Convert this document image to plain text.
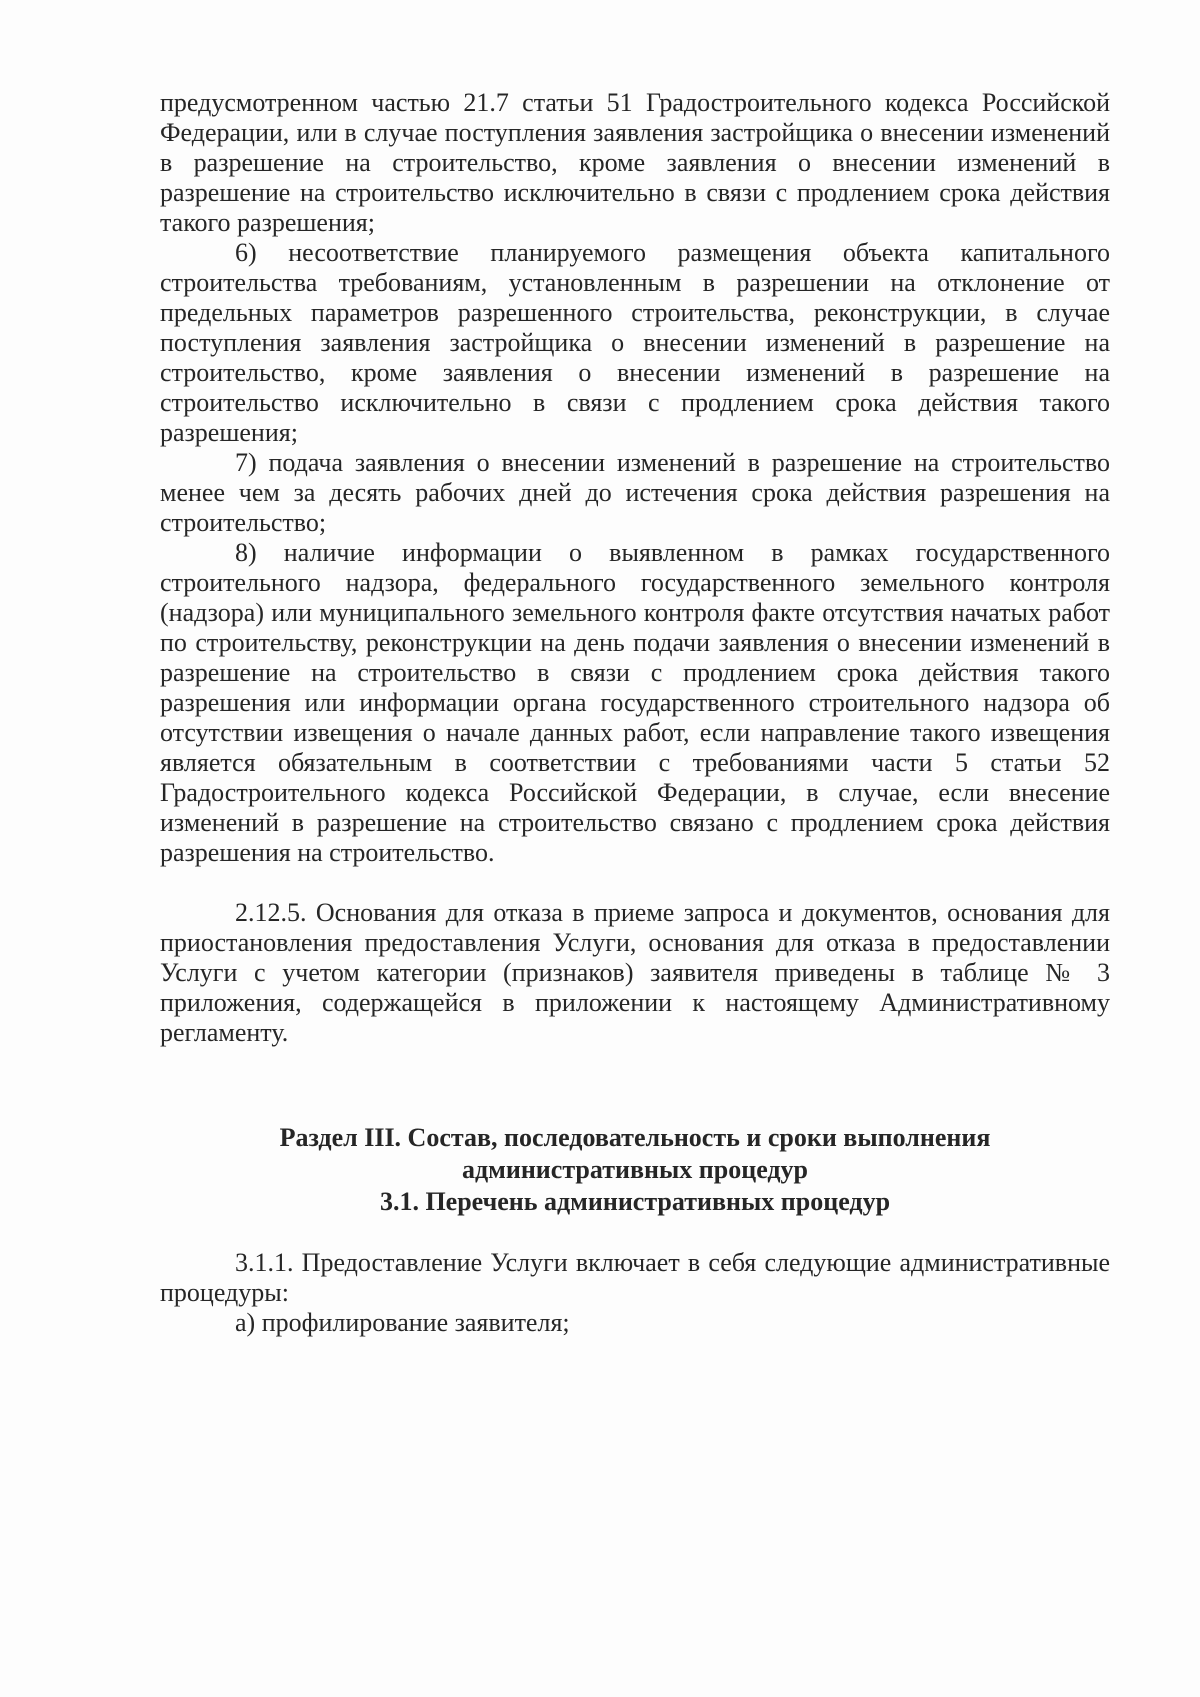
предусмотренном частью 21.7 статьи 51 Градостроительного кодекса Российской Федерации, или в случае поступления заявления застройщика о внесении изменений в разрешение на строительство, кроме заявления о внесении изменений в разрешение на строительство исключительно в связи с продлением срока действия такого разрешения;

6) несоответствие планируемого размещения объекта капитального строительства требованиям, установленным в разрешении на отклонение от предельных параметров разрешенного строительства, реконструкции, в случае поступления заявления застройщика о внесении изменений в разрешение на строительство, кроме заявления о внесении изменений в разрешение на строительство исключительно в связи с продлением срока действия такого разрешения;

7) подача заявления о внесении изменений в разрешение на строительство менее чем за десять рабочих дней до истечения срока действия разрешения на строительство;

8) наличие информации о выявленном в рамках государственного строительного надзора, федерального государственного земельного контроля (надзора) или муниципального земельного контроля факте отсутствия начатых работ по строительству, реконструкции на день подачи заявления о внесении изменений в разрешение на строительство в связи с продлением срока действия такого разрешения или информации органа государственного строительного надзора об отсутствии извещения о начале данных работ, если направление такого извещения является обязательным в соответствии с требованиями части 5 статьи 52 Градостроительного кодекса Российской Федерации, в случае, если внесение изменений в разрешение на строительство связано с продлением срока действия разрешения на строительство.

2.12.5. Основания для отказа в приеме запроса и документов, основания для приостановления предоставления Услуги, основания для отказа в предоставлении Услуги с учетом категории (признаков) заявителя приведены в таблице № 3 приложения, содержащейся в приложении к настоящему Административному регламенту.

Раздел III. Состав, последовательность и сроки выполнения

административных процедур

3.1. Перечень административных процедур

3.1.1. Предоставление Услуги включает в себя следующие административные процедуры:

а) профилирование заявителя;
